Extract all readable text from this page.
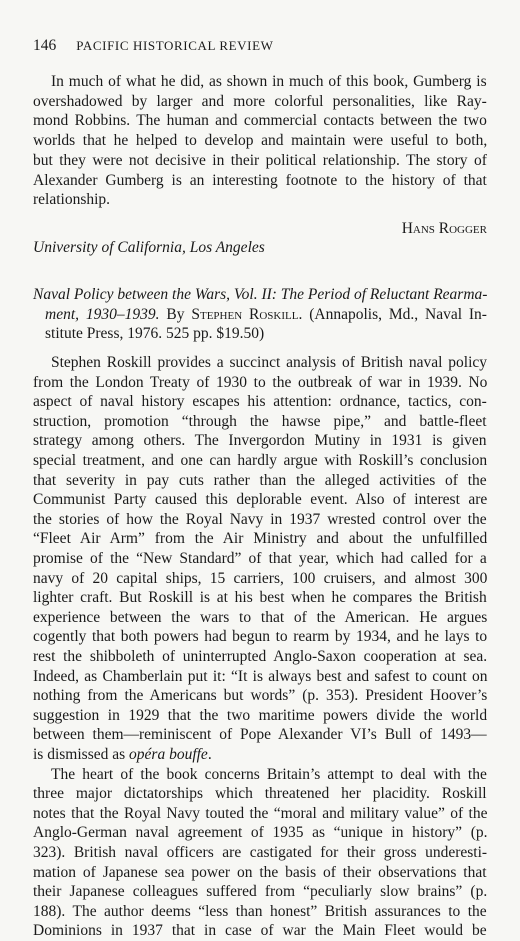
146 PACIFIC HISTORICAL REVIEW
In much of what he did, as shown in much of this book, Gumberg is
overshadowed by larger and more colorful personalities, like Ray-
mond Robbins. The human and commercial contacts between the two
worlds that he helped to develop and maintain were useful to both,
but they were not decisive in their political relationship. The story of
Alexander Gumberg is an interesting footnote to the history of that
relationship.
Hans Rogger
University of California, Los Angeles
Naval Policy between the Wars, Vol. II: The Period of Reluctant Rearma-
ment, 1930–1939. By Stephen Roskill. (Annapolis, Md., Naval In-
stitute Press, 1976. 525 pp. $19.50)
Stephen Roskill provides a succinct analysis of British naval policy
from the London Treaty of 1930 to the outbreak of war in 1939. No
aspect of naval history escapes his attention: ordnance, tactics, con-
struction, promotion “through the hawse pipe,” and battle-fleet
strategy among others. The Invergordon Mutiny in 1931 is given
special treatment, and one can hardly argue with Roskill’s conclusion
that severity in pay cuts rather than the alleged activities of the
Communist Party caused this deplorable event. Also of interest are
the stories of how the Royal Navy in 1937 wrested control over the
“Fleet Air Arm” from the Air Ministry and about the unfulfilled
promise of the “New Standard” of that year, which had called for a
navy of 20 capital ships, 15 carriers, 100 cruisers, and almost 300
lighter craft. But Roskill is at his best when he compares the British
experience between the wars to that of the American. He argues
cogently that both powers had begun to rearm by 1934, and he lays to
rest the shibboleth of uninterrupted Anglo-Saxon cooperation at sea.
Indeed, as Chamberlain put it: “It is always best and safest to count on
nothing from the Americans but words” (p. 353). President Hoover’s
suggestion in 1929 that the two maritime powers divide the world
between them—reminiscent of Pope Alexander VI’s Bull of 1493—
is dismissed as opéra bouffe.
The heart of the book concerns Britain’s attempt to deal with the
three major dictatorships which threatened her placidity. Roskill
notes that the Royal Navy touted the “moral and military value” of the
Anglo-German naval agreement of 1935 as “unique in history” (p.
323). British naval officers are castigated for their gross underesti-
mation of Japanese sea power on the basis of their observations that
their Japanese colleagues suffered from “peculiarly slow brains” (p.
188). The author deems “less than honest” British assurances to the
Dominions in 1937 that in case of war the Main Fleet would be
